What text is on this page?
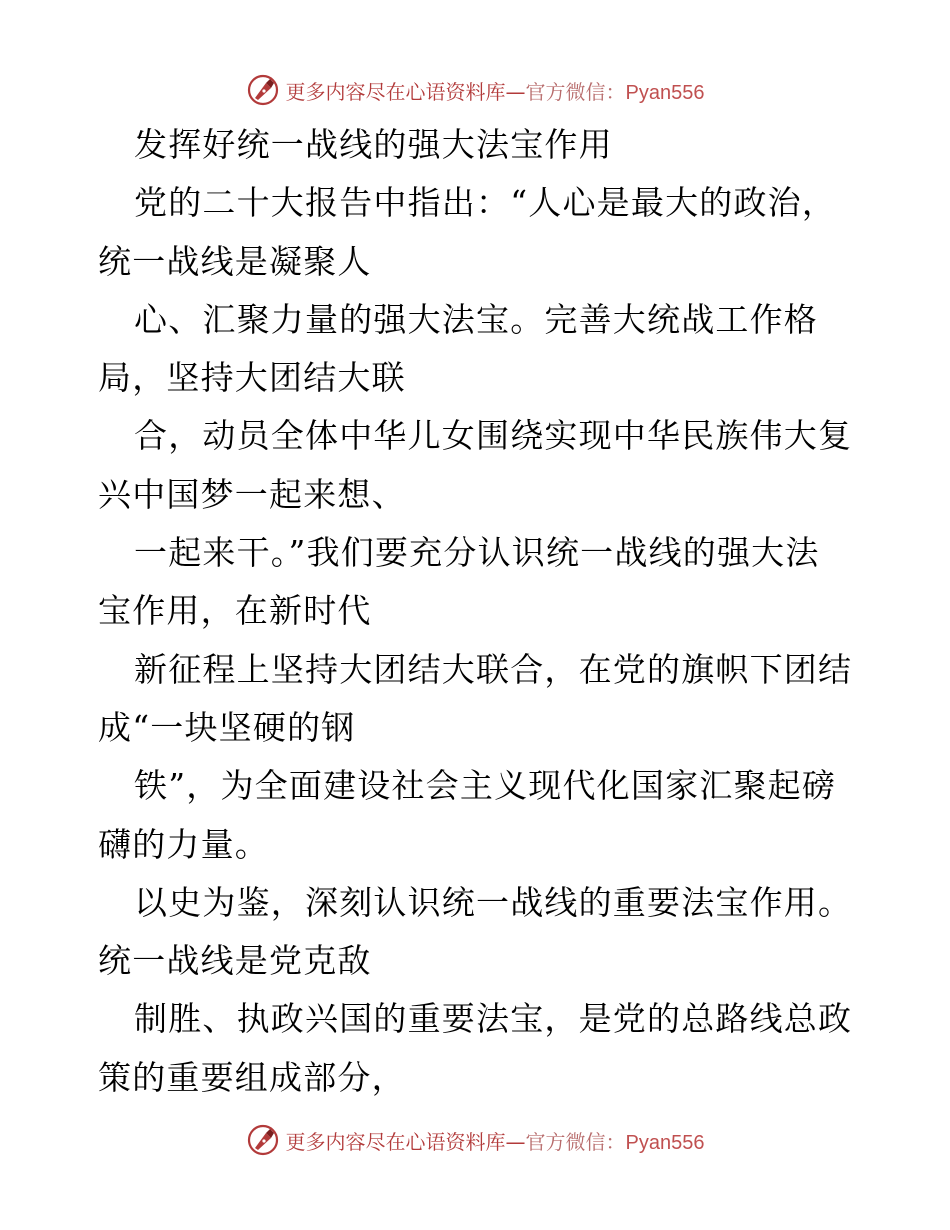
更多内容尽在心语资料库—官方微信：Pyan556
发挥好统一战线的强大法宝作用
党的二十大报告中指出：“人心是最大的政治，
统一战线是凝聚人
心、汇聚力量的强大法宝。完善大统战工作格
局，坚持大团结大联
合，动员全体中华儿女围绕实现中华民族伟大复
兴中国梦一起来想、
一起来干。”我们要充分认识统一战线的强大法
宝作用，在新时代
新征程上坚持大团结大联合，在党的旗帜下团结
成“一块坚硬的钢
铁”，为全面建设社会主义现代化国家汇聚起磅
礴的力量。
以史为鉴，深刻认识统一战线的重要法宝作用。
统一战线是党克敌
制胜、执政兴国的重要法宝，是党的总路线总政
策的重要组成部分，
更多内容尽在心语资料库—官方微信：Pyan556
